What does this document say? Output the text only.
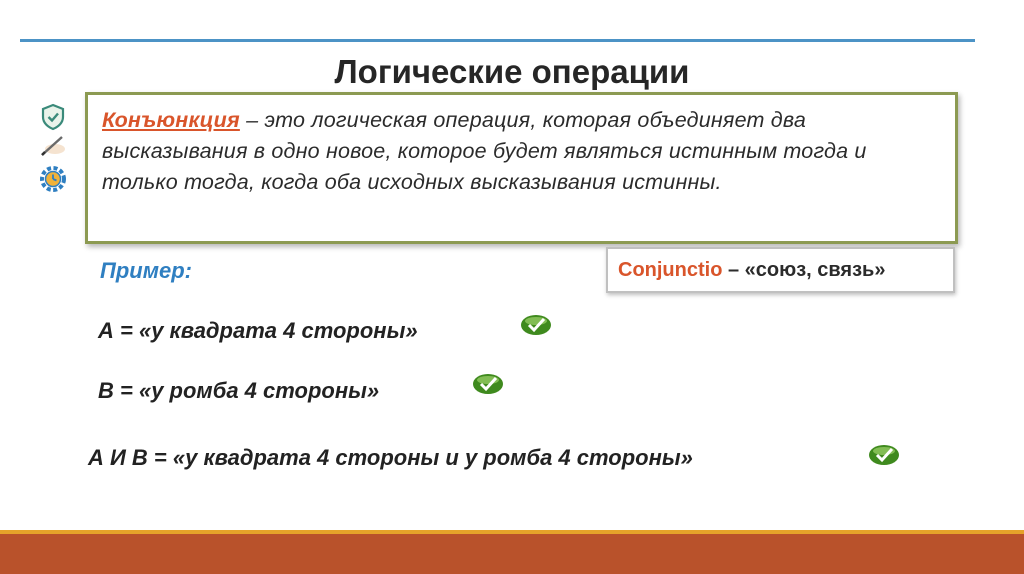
Логические операции
Конъюнкция – это логическая операция, которая объединяет два высказывания в одно новое, которое будет являться истинным тогда и только тогда, когда оба исходных высказывания истинны.
Пример:	Conjunctio – «союз, связь»
А = «у квадрата 4 стороны»
В = «у ромба 4 стороны»
А И В = «у квадрата 4 стороны и у ромба 4 стороны»
